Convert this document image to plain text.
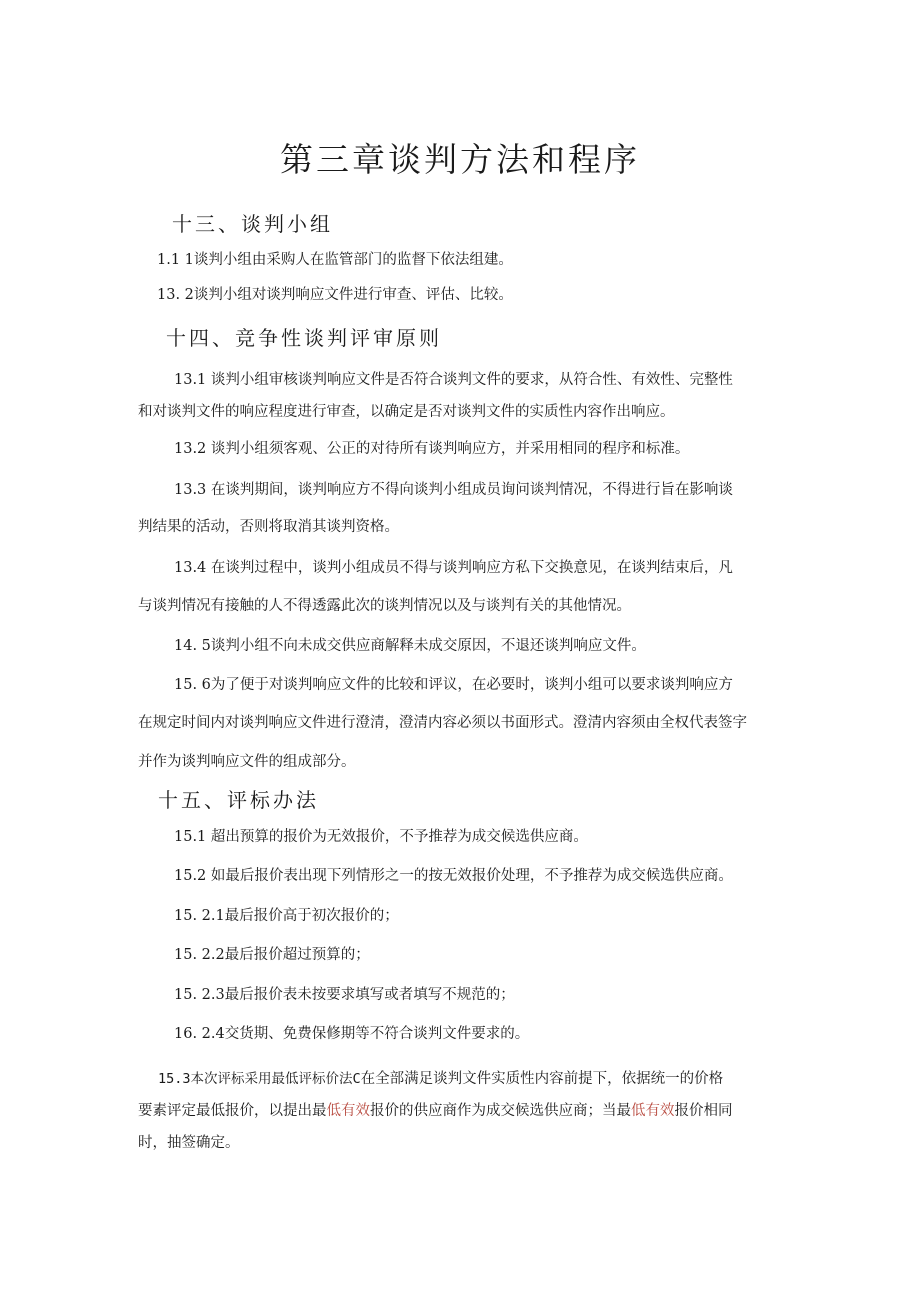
第三章谈判方法和程序
十三、谈判小组

1.1 1谈判小组由采购人在监管部门的监督下依法组建。

13. 2谈判小组对谈判响应文件进行审查、评估、比较。

十四、竞争性谈判评审原则

13.1 谈判小组审核谈判响应文件是否符合谈判文件的要求，从符合性、有效性、完整性

和对谈判文件的响应程度进行审查，以确定是否对谈判文件的实质性内容作出响应。

13.2 谈判小组须客观、公正的对待所有谈判响应方，并采用相同的程序和标准。

13.3 在谈判期间，谈判响应方不得向谈判小组成员询问谈判情况，不得进行旨在影响谈

判结果的活动，否则将取消其谈判资格。

13.4 在谈判过程中，谈判小组成员不得与谈判响应方私下交换意见，在谈判结束后，凡

与谈判情况有接触的人不得透露此次的谈判情况以及与谈判有关的其他情况。

14. 5谈判小组不向未成交供应商解释未成交原因，不退还谈判响应文件。

15. 6为了便于对谈判响应文件的比较和评议，在必要时，谈判小组可以要求谈判响应方

在规定时间内对谈判响应文件进行澄清，澄清内容必须以书面形式。澄清内容须由全权代表签字

并作为谈判响应文件的组成部分。

十五、评标办法

15.1 超出预算的报价为无效报价，不予推荐为成交候选供应商。

15.2 如最后报价表出现下列情形之一的按无效报价处理，不予推荐为成交候选供应商。

15. 2.1最后报价高于初次报价的；

15. 2.2最后报价超过预算的；

15. 2.3最后报价表未按要求填写或者填写不规范的；

16. 2.4交货期、免费保修期等不符合谈判文件要求的。

15.3本次评标采用最低评标价法C在全部满足谈判文件实质性内容前提下，依据统一的价格

要素评定最低报价，以提出最低有效报价的供应商作为成交候选供应商；当最低有效报价相同

时，抽签确定。
